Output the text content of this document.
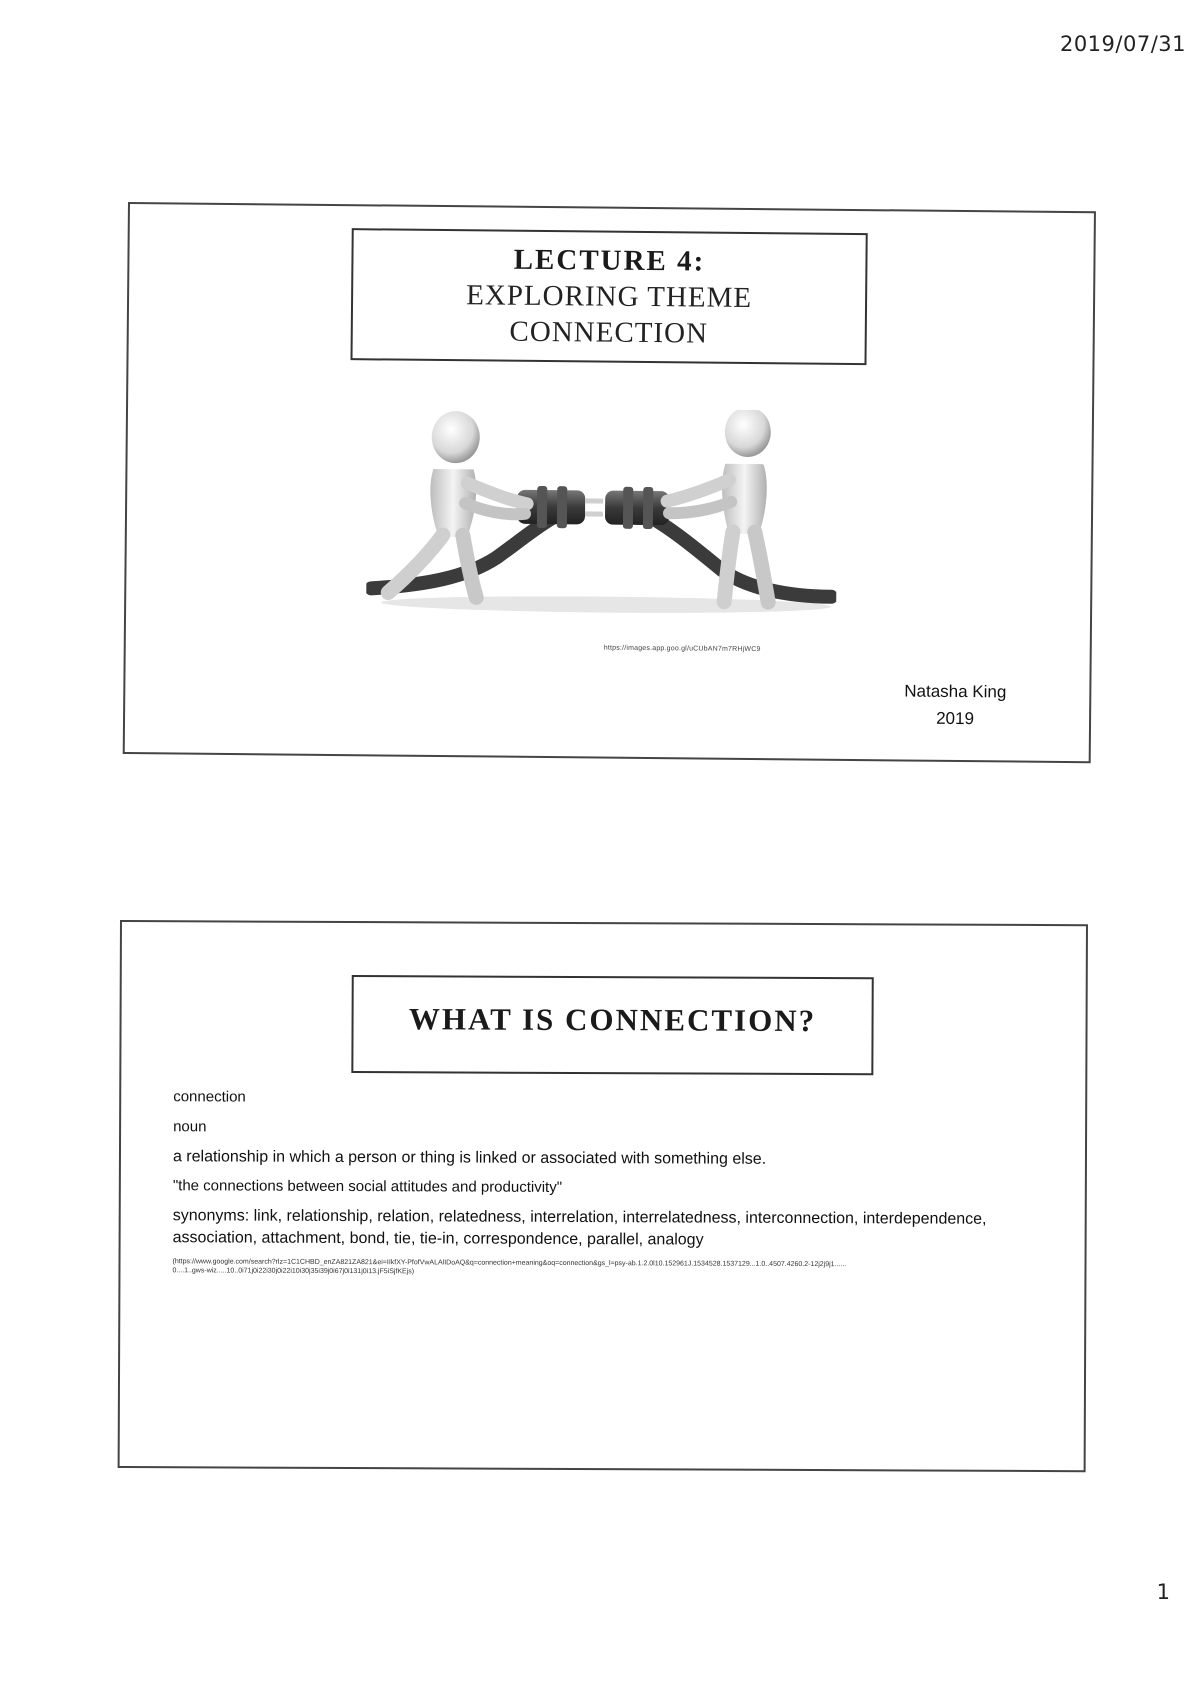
2019/07/31
LECTURE 4:
EXPLORING THEME
CONNECTION
https://images.app.goo.gl/uCUbAN7m7RHjWC9
Natasha King
2019
WHAT IS CONNECTION?
connection
noun
a relationship in which a person or thing is linked or associated with something else.
"the connections between social attitudes and productivity"
synonyms: link, relationship, relation, relatedness, interrelation, interrelatedness, interconnection, interdependence, association, attachment, bond, tie, tie-in, correspondence, parallel, analogy
(https://www.google.com/search?rlz=1C1CHBD_enZA821ZA821&ei=IIkfXY-PfofVwALAlIDoAQ&q=connection+meaning&oq=connection&gs_l=psy-ab.1.2.0l10.152961J.1534528.1537129...1.0..4507.4260.2-12j2j9j1......0....1..gws-wiz.....10..0i71j0i22i30j0i22i10i30j35i39j0i67j0i131j0i13.jF5iSjfKEjs)
1
